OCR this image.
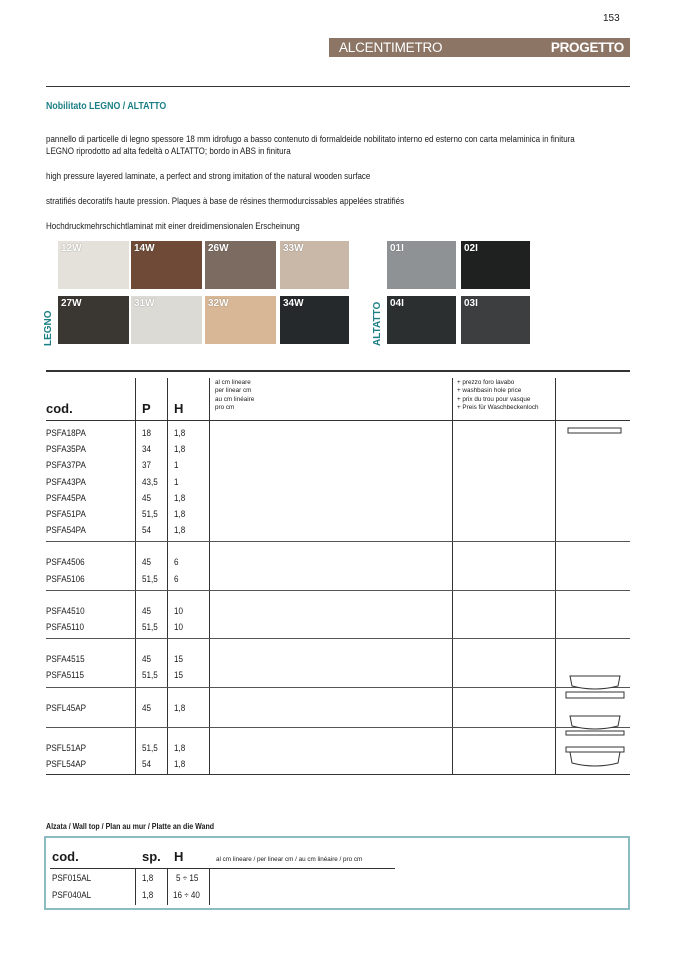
153
ALCENTIMETRO	PROGETTO
Nobilitato LEGNO / ALTATTO
pannello di particelle di legno spessore 18 mm idrofugo a basso contenuto di formaldeide nobilitato interno ed esterno con carta melaminica in finitura
LEGNO riprodotto ad alta fedeltà o ALTATTO; bordo in ABS in finitura
high pressure layered laminate, a perfect and strong imitation of the natural wooden surface
stratifiés decoratifs haute pression. Plaques à base de résines thermodurcissables appelées stratifiés
Hochdruckmehrschichtlaminat mit einer dreidimensionalen Erscheinung
12W	14W	26W	33W
27W	31W	32W	34W
01I	02I
04I	03I
LEGNO	ALTATTO
cod.	P H
al cm lineare
per linear cm
au cm linéaire
pro cm
+ prezzo foro lavabo
+ washbasin hole price
+ prix du trou pour vasque
+ Preis für Waschbeckenloch
PSFA18PA	18 1,8
PSFA35PA	34 1,8
PSFA37PA	37 1
PSFA43PA	43,5 1
PSFA45PA	45 1,8
PSFA51PA	51,5 1,8
PSFA54PA	54 1,8
PSFA4506	45 6
PSFA5106	51,5 6
PSFA4510	45 10
PSFA5110	51,5 10
PSFA4515	45 15
PSFA5115	51,5 15
PSFL45AP	45 1,8
PSFL51AP	51,5 1,8
PSFL54AP	54 1,8
Alzata / Wall top / Plan au mur / Platte an die Wand
cod.	sp. H	al cm lineare / per linear cm / au cm linéaire / pro cm
PSF015AL	1,8 5 ÷ 15
PSF040AL	1,8 16 ÷ 40
